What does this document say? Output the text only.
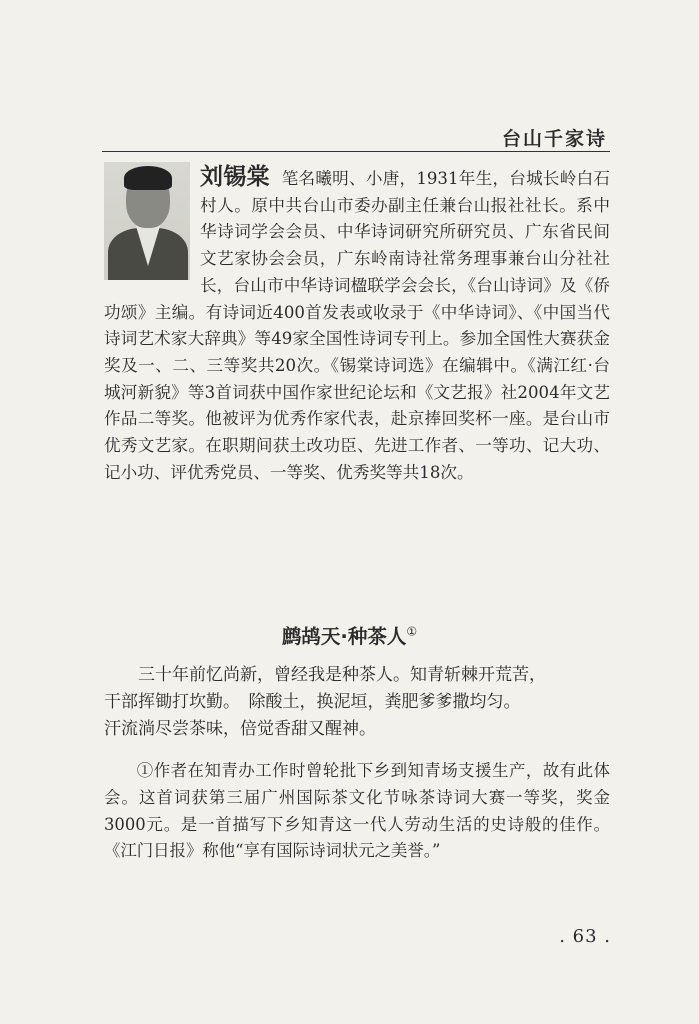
台山千家诗
刘锡棠 笔名曦明、小唐，1931年生，台城长岭白石村人。原中共台山市委办副主任兼台山报社社长。系中华诗词学会会员、中华诗词研究所研究员、广东省民间文艺家协会会员，广东岭南诗社常务理事兼台山分社社长，台山市中华诗词楹联学会会长，《台山诗词》及《侨功颂》主编。有诗词近400首发表或收录于《中华诗词》、《中国当代诗词艺术家大辞典》等49家全国性诗词专刊上。参加全国性大赛获金奖及一、二、三等奖共20次。《锡棠诗词选》在编辑中。《满江红·台城河新貌》等3首词获中国作家世纪论坛和《文艺报》社2004年文艺作品二等奖。他被评为优秀作家代表，赴京捧回奖杯一座。是台山市优秀文艺家。在职期间获土改功臣、先进工作者、一等功、记大功、记小功、评优秀党员、一等奖、优秀奖等共18次。
鹧鸪天·种茶人①

三十年前忆尚新，曾经我是种茶人。知青斩棘开荒苦，

干部挥锄打坎勤。　除酸土，换泥垣，粪肥爹爹撒均匀。

汗流淌尽尝茶味，倍觉香甜又醒神。

①作者在知青办工作时曾轮批下乡到知青场支援生产，故有此体会。这首词获第三届广州国际茶文化节咏茶诗词大赛一等奖，奖金3000元。是一首描写下乡知青这一代人劳动生活的史诗般的佳作。《江门日报》称他“享有国际诗词状元之美誉。”

. 63 .
